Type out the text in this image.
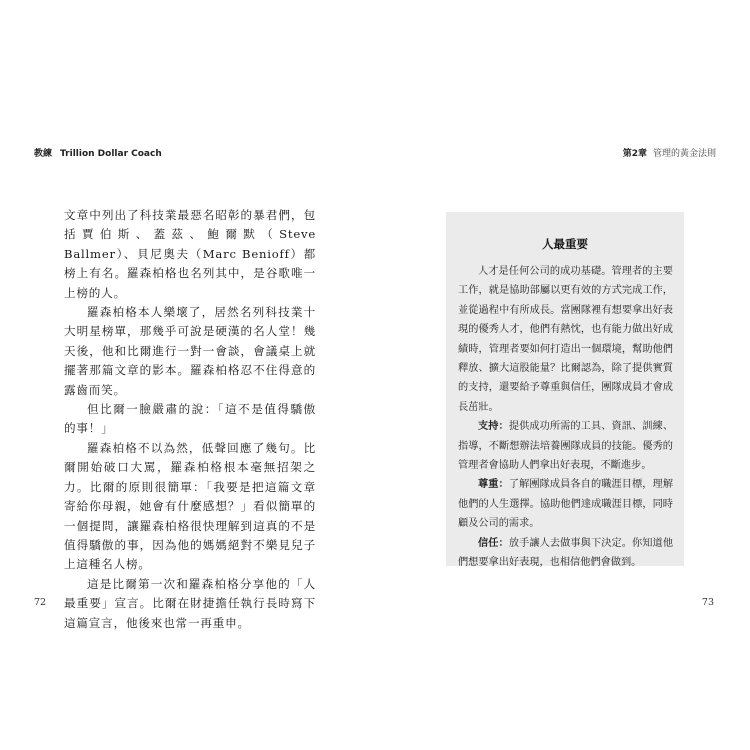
教練 Trillion Dollar Coach	第2章 管理的黃金法則

文章中列出了科技業最惡名昭彰的暴君們，包括賈伯斯、蓋茲、鮑爾默（Steve Ballmer）、貝尼奧夫（Marc Benioff）都榜上有名。羅森柏格也名列其中，是谷歌唯一上榜的人。

羅森柏格本人樂壞了，居然名列科技業十大明星榜單，那幾乎可說是硬漢的名人堂！幾天後，他和比爾進行一對一會談，會議桌上就擺著那篇文章的影本。羅森柏格忍不住得意的露齒而笑。

但比爾一臉嚴肅的說：「這不是值得驕傲的事！」

羅森柏格不以為然，低聲回應了幾句。比爾開始破口大罵，羅森柏格根本毫無招架之力。比爾的原則很簡單：「我要是把這篇文章寄給你母親，她會有什麼感想？」看似簡單的一個提問，讓羅森柏格很快理解到這真的不是值得驕傲的事，因為他的媽媽絕對不樂見兒子上這種名人榜。

這是比爾第一次和羅森柏格分享他的「人最重要」宣言。比爾在財捷擔任執行長時寫下這篇宣言，他後來也常一再重申。

72
人最重要

人才是任何公司的成功基礎。管理者的主要工作，就是協助部屬以更有效的方式完成工作，並從過程中有所成長。當團隊裡有想要拿出好表現的優秀人才，他們有熱忱，也有能力做出好成績時，管理者要如何打造出一個環境，幫助他們釋放、擴大這股能量？比爾認為，除了提供實質的支持，還要給予尊重與信任，團隊成員才會成長茁壯。

支持：提供成功所需的工具、資訊、訓練、指導，不斷想辦法培養團隊成員的技能。優秀的管理者會協助人們拿出好表現，不斷進步。

尊重：了解團隊成員各自的職涯目標，理解他們的人生選擇。協助他們達成職涯目標，同時顧及公司的需求。

信任：放手讓人去做事與下決定。你知道他們想要拿出好表現，也相信他們會做到。

73
